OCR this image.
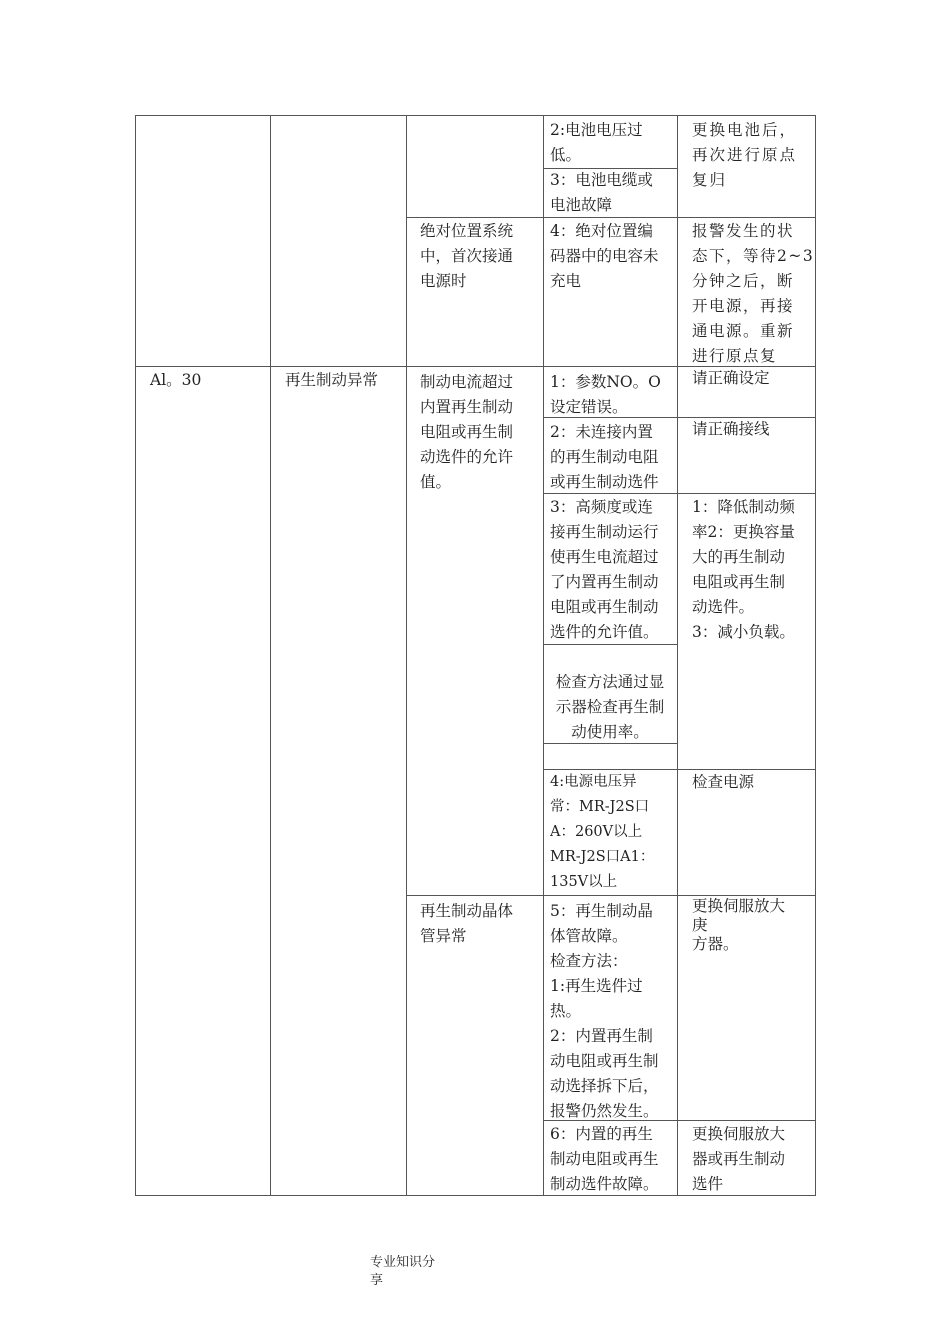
2:电池电压过
低。
3：电池电缆或
电池故障
更换电池后，
再次进行原点
复归
绝对位置系统
中，首次接通
电源时
4：绝对位置编
码器中的电容未
充电
报警发生的状
态下，等待2~3
分钟之后，断
开电源，再接
通电源。重新
进行原点复
Al。30	再生制动异常	制动电流超过
内置再生制动
电阻或再生制
动选件的允许
值。
1：参数NO。O
设定错误。
请正确设定
2：未连接内置
的再生制动电阻
或再生制动选件
请正确接线
3：高频度或连
接再生制动运行
使再生电流超过
了内置再生制动
电阻或再生制动
选件的允许值。
检查方法通过显
示器检查再生制
动使用率。
1：降低制动频
率2：更换容量
大的再生制动
电阻或再生制
动选件。
3：减小负载。
4:电源电压异
常：MR-J2S口
A：260V以上
MR-J2S口A1：
135V以上
检查电源
再生制动晶体
管异常
5：再生制动晶
体管故障。
检查方法：
1:再生选件过
热。
2：内置再生制
动电阻或再生制
动选择拆下后，
报警仍然发生。
更换伺服放大
庚
方器。
6：内置的再生
制动电阻或再生
制动选件故障。
更换伺服放大
器或再生制动
选件
专业知识分
享
